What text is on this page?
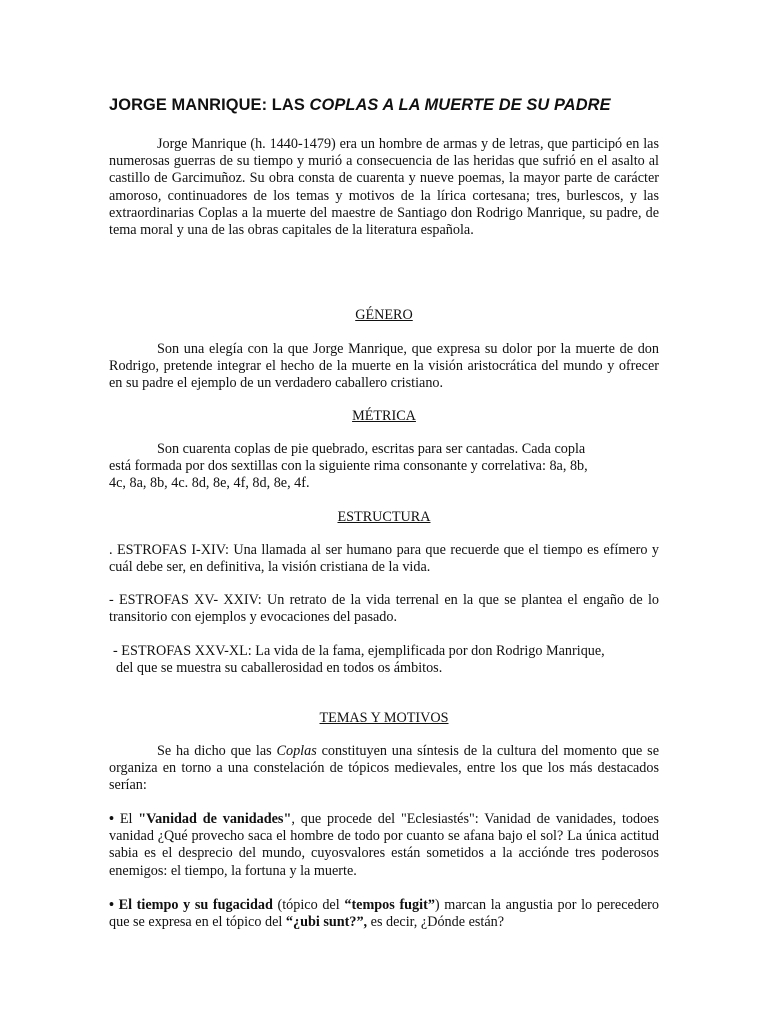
JORGE MANRIQUE: LAS COPLAS A LA MUERTE DE SU PADRE

Jorge Manrique (h. 1440-1479) era un hombre de armas y de letras, que participó en las numerosas guerras de su tiempo y murió a consecuencia de las heridas que sufrió en el asalto al castillo de Garcimuñoz. Su obra consta de cuarenta y nueve poemas, la mayor parte de carácter amoroso, continuadores de los temas y motivos de la lírica cortesana; tres, burlescos, y las extraordinarias Coplas a la muerte del maestre de Santiago don Rodrigo Manrique, su padre, de tema moral y una de las obras capitales de la literatura española.

GÉNERO

Son una elegía con la que Jorge Manrique, que expresa su dolor por la muerte de don Rodrigo, pretende integrar el hecho de la muerte en la visión aristocrática del mundo y ofrecer en su padre el ejemplo de un verdadero caballero cristiano.

MÉTRICA

Son cuarenta coplas de pie quebrado, escritas para ser cantadas. Cada copla

está formada por dos sextillas con la siguiente rima consonante y correlativa: 8a, 8b,

4c, 8a, 8b, 4c. 8d, 8e, 4f, 8d, 8e, 4f.

ESTRUCTURA

. ESTROFAS I-XIV: Una llamada al ser humano para que recuerde que el tiempo es efímero y cuál debe ser, en definitiva, la visión cristiana de la vida.

- ESTROFAS XV- XXIV: Un retrato de la vida terrenal en la que se plantea el engaño de lo transitorio con ejemplos y evocaciones del pasado.

- ESTROFAS XXV-XL: La vida de la fama, ejemplificada por don Rodrigo Manrique,

del que se muestra su caballerosidad en todos os ámbitos.

TEMAS Y MOTIVOS

Se ha dicho que las Coplas constituyen una síntesis de la cultura del momento que se organiza en torno a una constelación de tópicos medievales, entre los que los más destacados serían:

• El "Vanidad de vanidades", que procede del "Eclesiastés": Vanidad de vanidades, todoes vanidad ¿Qué provecho saca el hombre de todo por cuanto se afana bajo el sol? La única actitud sabia es el desprecio del mundo, cuyosvalores están sometidos a la accióndе tres poderosos enemigos: el tiempo, la fortuna y la muerte.

• El tiempo y su fugacidad (tópico del “tempos fugit”) marcan la angustia por lo perecedero que se expresa en el tópico del “¿ubi sunt?”, es decir, ¿Dónde están?
